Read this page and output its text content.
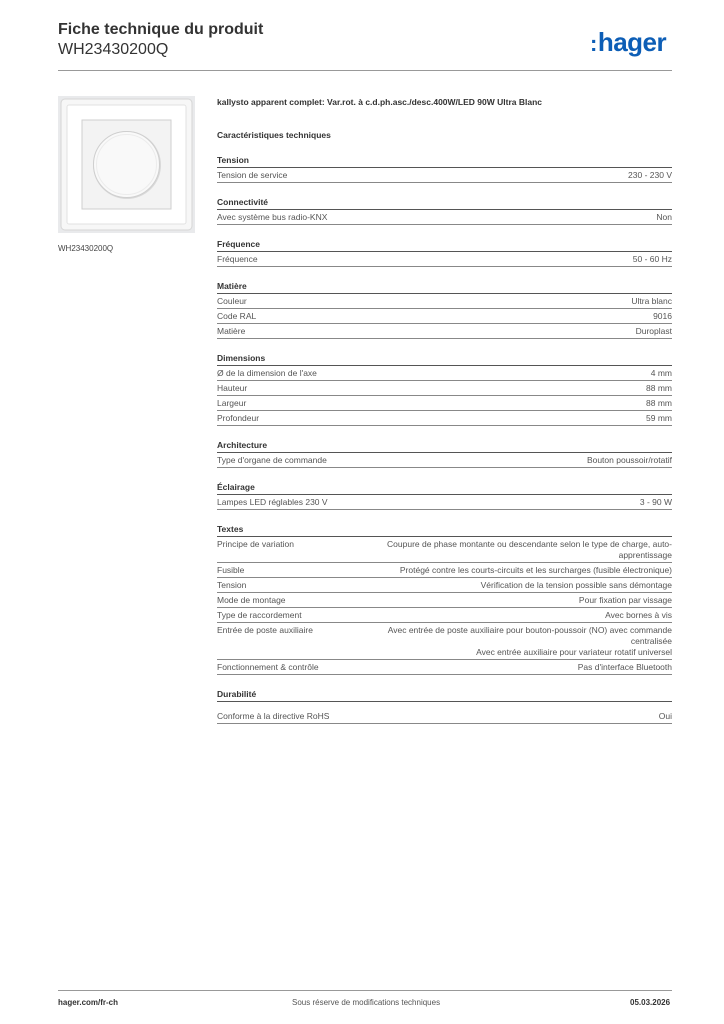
Fiche technique du produit
WH23430200Q	:hager
WH23430200Q
kallysto apparent complet: Var.rot. à c.d.ph.asc./desc.400W/LED 90W Ultra Blanc
Caractéristiques techniques
Tension
Tension de service	230 - 230 V
Connectivité
Avec système bus radio-KNX	Non
Fréquence
Fréquence	50 - 60 Hz
Matière
Couleur	Ultra blanc
Code RAL	9016
Matière	Duroplast
Dimensions
Ø de la dimension de l'axe	4 mm
Hauteur	88 mm
Largeur	88 mm
Profondeur	59 mm
Architecture
Type d'organe de commande	Bouton poussoir/rotatif
Éclairage
Lampes LED réglables 230 V	3 - 90 W
Textes
Principe de variation	Coupure de phase montante ou descendante selon le type de charge, auto-apprentissage
Fusible	Protégé contre les courts-circuits et les surcharges (fusible électronique)
Tension	Vérification de la tension possible sans démontage
Mode de montage	Pour fixation par vissage
Type de raccordement	Avec bornes à vis
Entrée de poste auxiliaire	Avec entrée de poste auxiliaire pour bouton-poussoir (NO) avec commande centralisée
Avec entrée auxiliaire pour variateur rotatif universel
Fonctionnement & contrôle	Pas d'interface Bluetooth
Durabilité
Conforme à la directive RoHS	Oui
hager.com/fr-ch	Sous réserve de modifications techniques	05.03.2026
